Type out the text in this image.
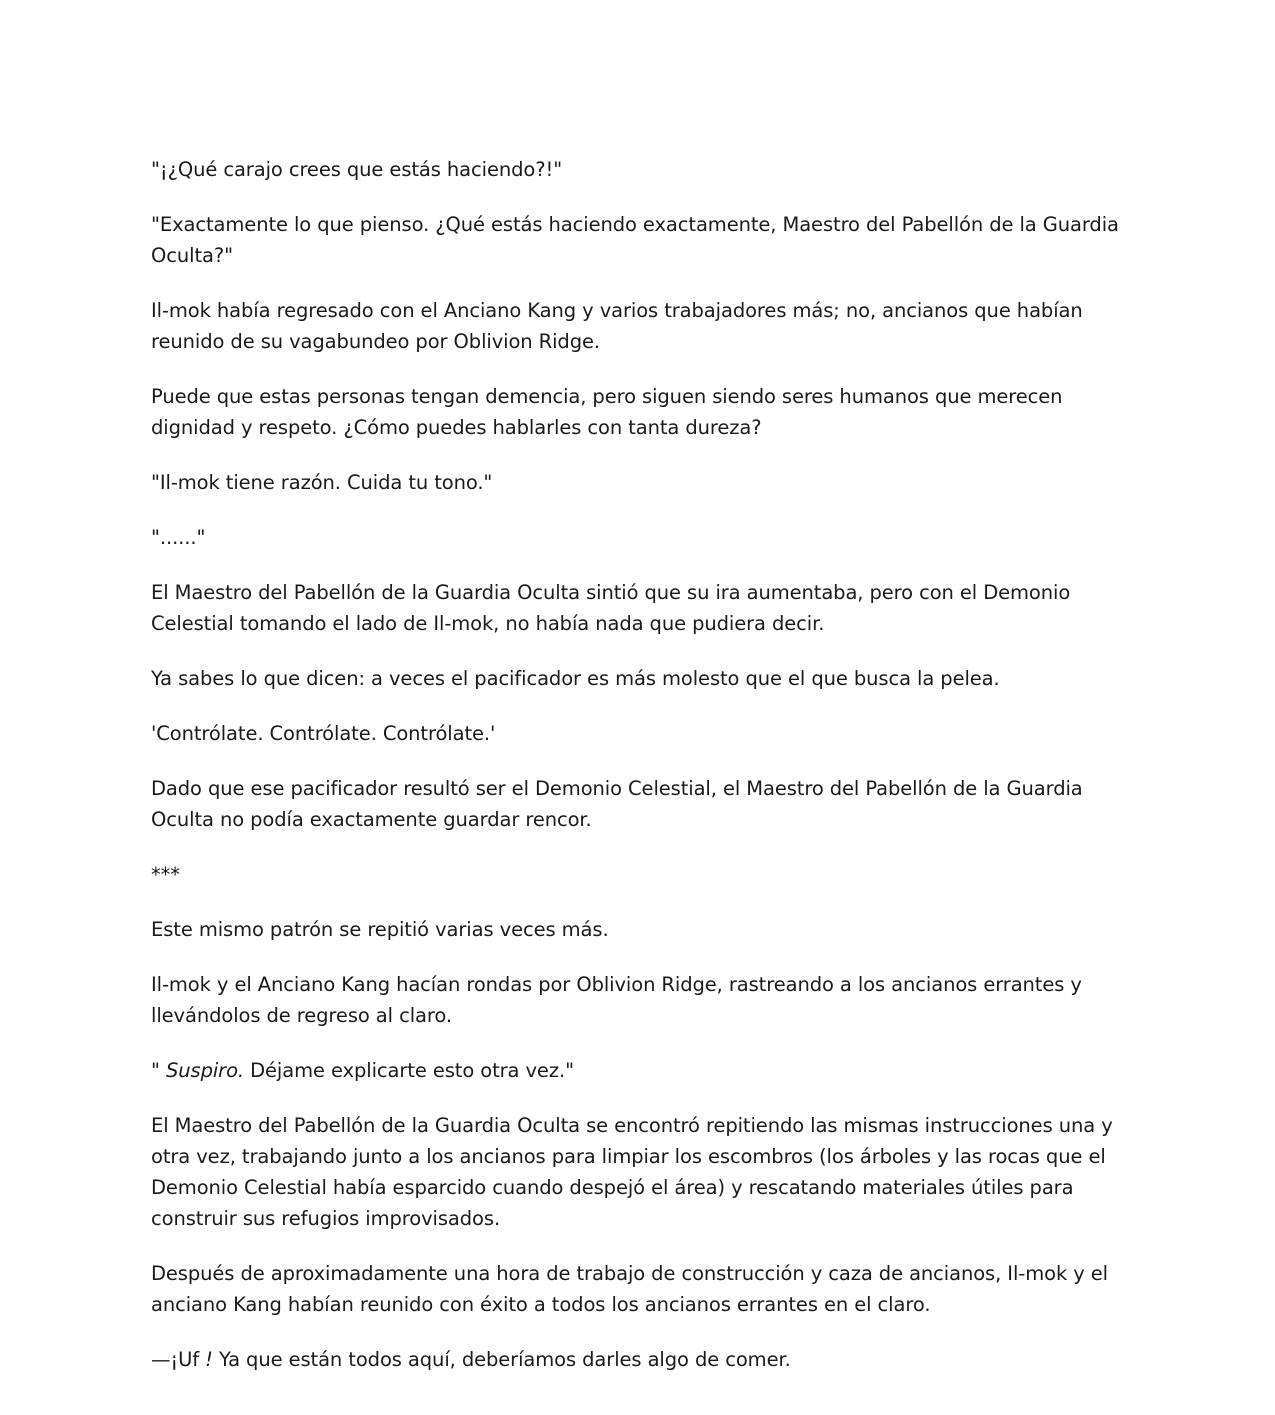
"¡¿Qué carajo crees que estás haciendo?!"

"Exactamente lo que pienso. ¿Qué estás haciendo exactamente, Maestro del Pabellón de la Guardia Oculta?"

Il-mok había regresado con el Anciano Kang y varios trabajadores más; no, ancianos que habían reunido de su vagabundeo por Oblivion Ridge.

Puede que estas personas tengan demencia, pero siguen siendo seres humanos que merecen dignidad y respeto. ¿Cómo puedes hablarles con tanta dureza?

"Il-mok tiene razón. Cuida tu tono."

"......"

El Maestro del Pabellón de la Guardia Oculta sintió que su ira aumentaba, pero con el Demonio Celestial tomando el lado de Il-mok, no había nada que pudiera decir.

Ya sabes lo que dicen: a veces el pacificador es más molesto que el que busca la pelea.

'Contrólate. Contrólate. Contrólate.'

Dado que ese pacificador resultó ser el Demonio Celestial, el Maestro del Pabellón de la Guardia Oculta no podía exactamente guardar rencor.

***

Este mismo patrón se repitió varias veces más.

Il-mok y el Anciano Kang hacían rondas por Oblivion Ridge, rastreando a los ancianos errantes y llevándolos de regreso al claro.

" Suspiro. Déjame explicarte esto otra vez."

El Maestro del Pabellón de la Guardia Oculta se encontró repitiendo las mismas instrucciones una y otra vez, trabajando junto a los ancianos para limpiar los escombros (los árboles y las rocas que el Demonio Celestial había esparcido cuando despejó el área) y rescatando materiales útiles para construir sus refugios improvisados.

Después de aproximadamente una hora de trabajo de construcción y caza de ancianos, Il-mok y el anciano Kang habían reunido con éxito a todos los ancianos errantes en el claro.

—¡Uf ! Ya que están todos aquí, deberíamos darles algo de comer.
